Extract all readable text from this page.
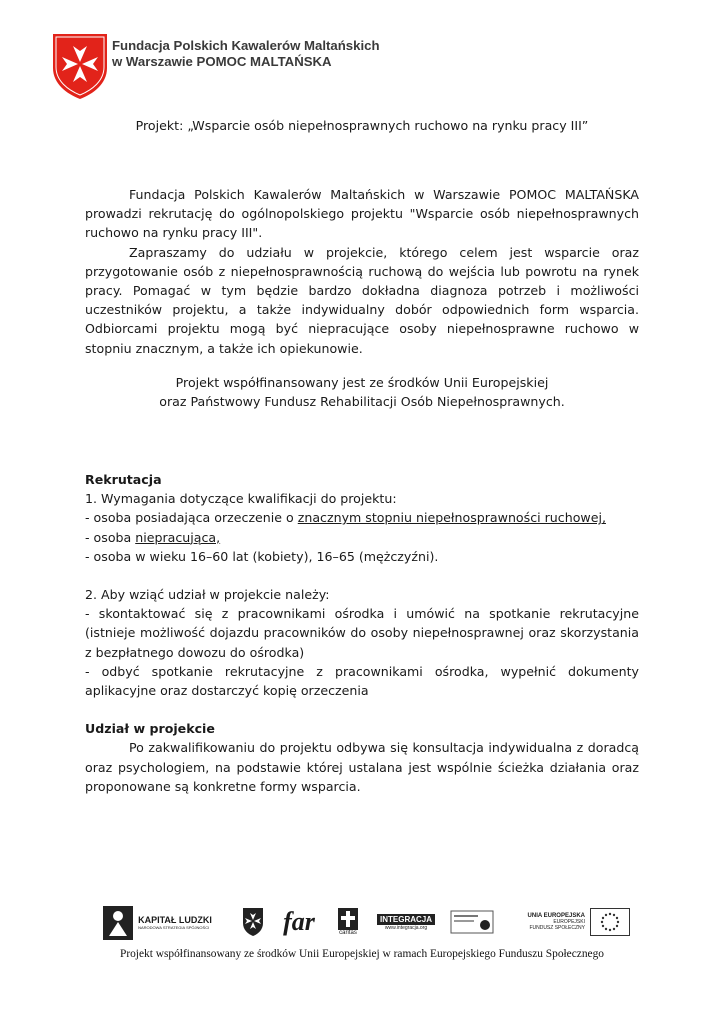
Fundacja Polskich Kawalerów Maltańskich
w Warszawie POMOC MALTAŃSKA
Projekt: „Wsparcie osób niepełnosprawnych ruchowo na rynku pracy III”

Fundacja Polskich Kawalerów Maltańskich w Warszawie POMOC MALTAŃSKA prowadzi rekrutację do ogólnopolskiego projektu "Wsparcie osób niepełnosprawnych ruchowo na rynku pracy III".

Zapraszamy do udziału w projekcie, którego celem jest wsparcie oraz przygotowanie osób z niepełnosprawnością ruchową do wejścia lub powrotu na rynek pracy. Pomagać w tym będzie bardzo dokładna diagnoza potrzeb i możliwości uczestników projektu, a także indywidualny dobór odpowiednich form wsparcia. Odbiorcami projektu mogą być niepracujące osoby niepełnosprawne ruchowo w stopniu znacznym, a także ich opiekunowie.

Projekt współfinansowany jest ze środków Unii Europejskiej
oraz Państwowy Fundusz Rehabilitacji Osób Niepełnosprawnych.

Rekrutacja

1. Wymagania dotyczące kwalifikacji do projektu:

- osoba posiadająca orzeczenie o znacznym stopniu niepełnosprawności ruchowej,

- osoba niepracująca,

- osoba w wieku 16–60 lat (kobiety), 16–65 (mężczyźni).

2. Aby wziąć udział w projekcie należy:

- skontaktować się z pracownikami ośrodka i umówić na spotkanie rekrutacyjne (istnieje możliwość dojazdu pracowników do osoby niepełnosprawnej oraz skorzystania z bezpłatnego dowozu do ośrodka)

- odbyć spotkanie rekrutacyjne z pracownikami ośrodka, wypełnić dokumenty aplikacyjne oraz dostarczyć kopię orzeczenia

Udział w projekcie

Po zakwalifikowaniu do projektu odbywa się konsultacja indywidualna z doradcą oraz psychologiem, na podstawie której ustalana jest wspólnie ścieżka działania oraz proponowane są konkretne formy wsparcia.

KAPITAŁ LUDZKI
NARODOWA STRATEGIA SPÓJNOŚCI	far	caritas
INTEGRACJA
www.integracja.org
UNIA EUROPEJSKA
EUROPEJSKI
FUNDUSZ SPOŁECZNY
Projekt współfinansowany ze środków Unii Europejskiej w ramach Europejskiego Funduszu Społecznego
